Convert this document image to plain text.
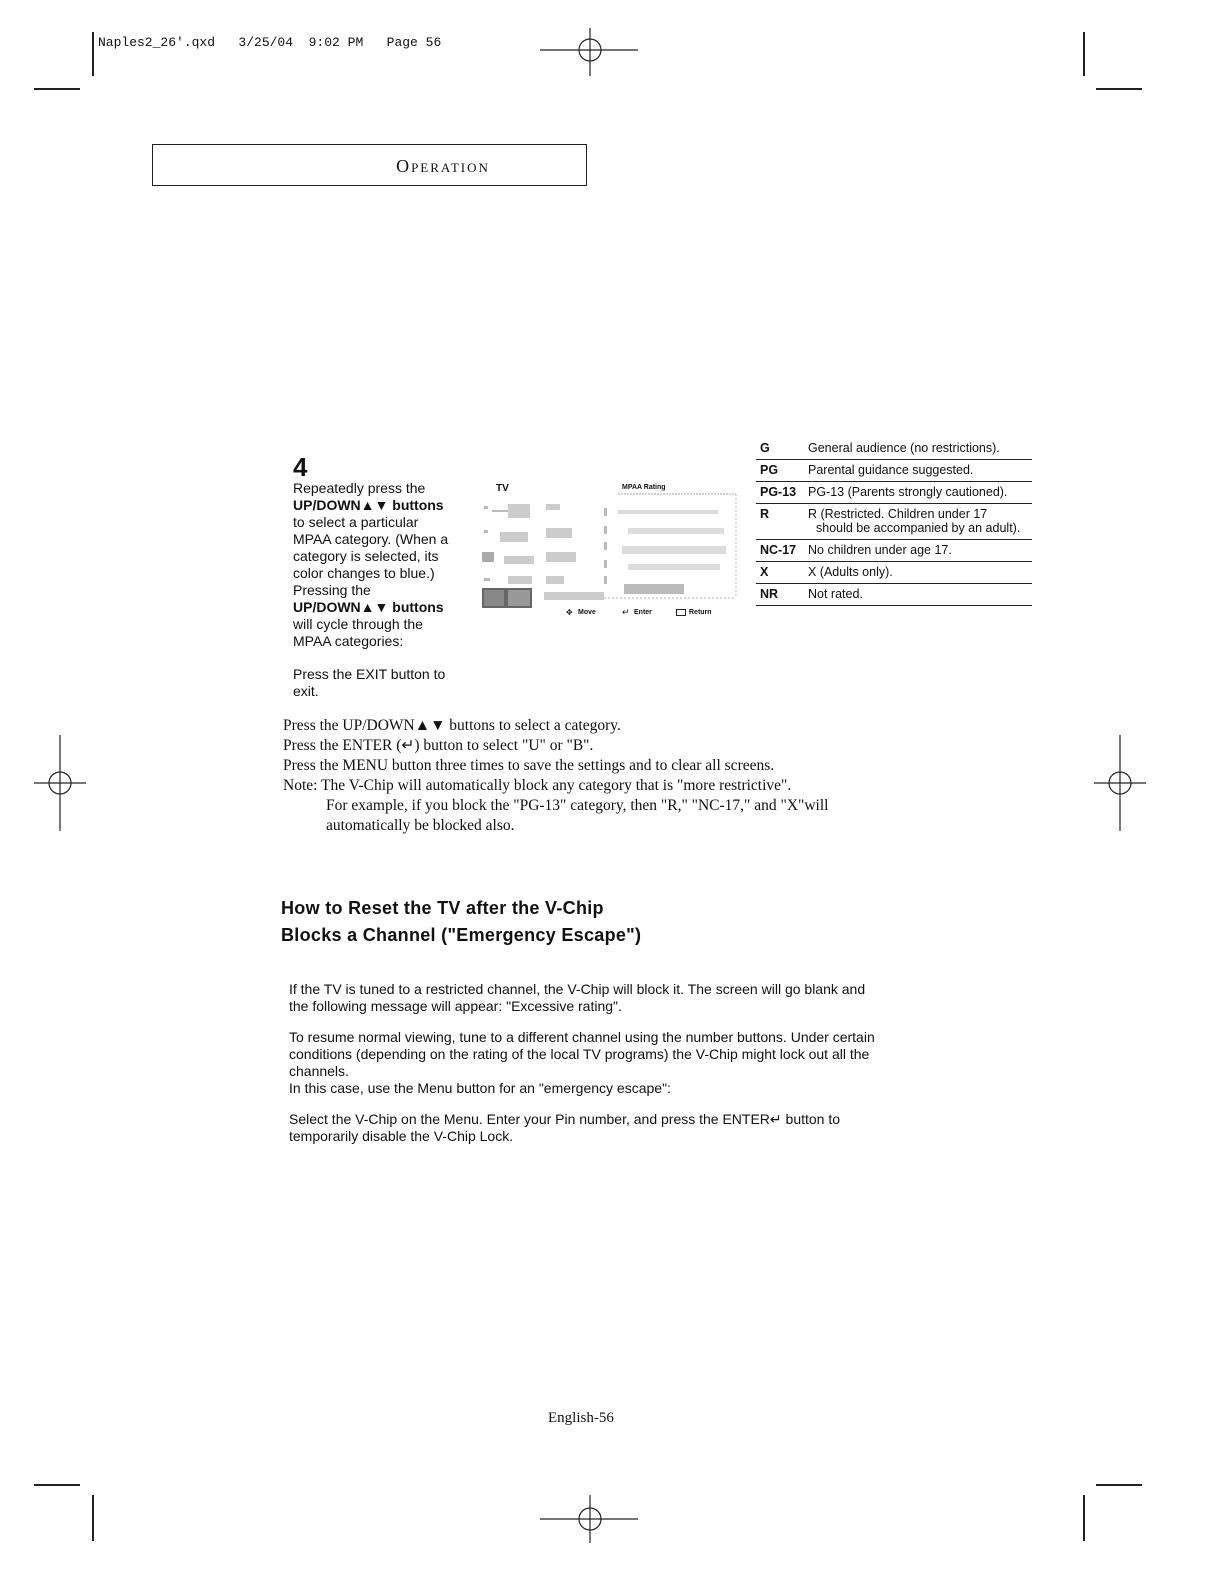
Naples2_26'.qxd   3/25/04  9:02 PM   Page 56
Operation
4
Repeatedly press the
UP/DOWN▲▼ buttons
to select a particular
MPAA category. (When a
category is selected, its
color changes to blue.)
Pressing the
UP/DOWN▲▼ buttons
will cycle through the
MPAA categories:
Press the EXIT button to
exit.
TV	MPAA Rating
✥ Move	↵ Enter	Return
G	General audience (no restrictions).
PG	Parental guidance suggested.
PG-13 PG-13 (Parents strongly cautioned).
R	R (Restricted. Children under 17
should be accompanied by an adult).
NC-17 No children under age 17.
X	X (Adults only).
NR	Not rated.
Press the UP/DOWN▲▼ buttons to select a category.
Press the ENTER (↵) button to select "U" or "B".
Press the MENU button three times to save the settings and to clear all screens.
Note: The V-Chip will automatically block any category that is "more restrictive".
For example, if you block the "PG-13" category, then "R," "NC-17," and "X"will
automatically be blocked also.
How to Reset the TV after the V-Chip
Blocks a Channel ("Emergency Escape")
If the TV is tuned to a restricted channel, the V-Chip will block it. The screen will go blank and
the following message will appear: "Excessive rating".
To resume normal viewing, tune to a different channel using the number buttons. Under certain
conditions (depending on the rating of the local TV programs) the V-Chip might lock out all the
channels.
In this case, use the Menu button for an "emergency escape":
Select the V-Chip on the Menu. Enter your Pin number, and press the ENTER↵ button to
temporarily disable the V-Chip Lock.
English-56
